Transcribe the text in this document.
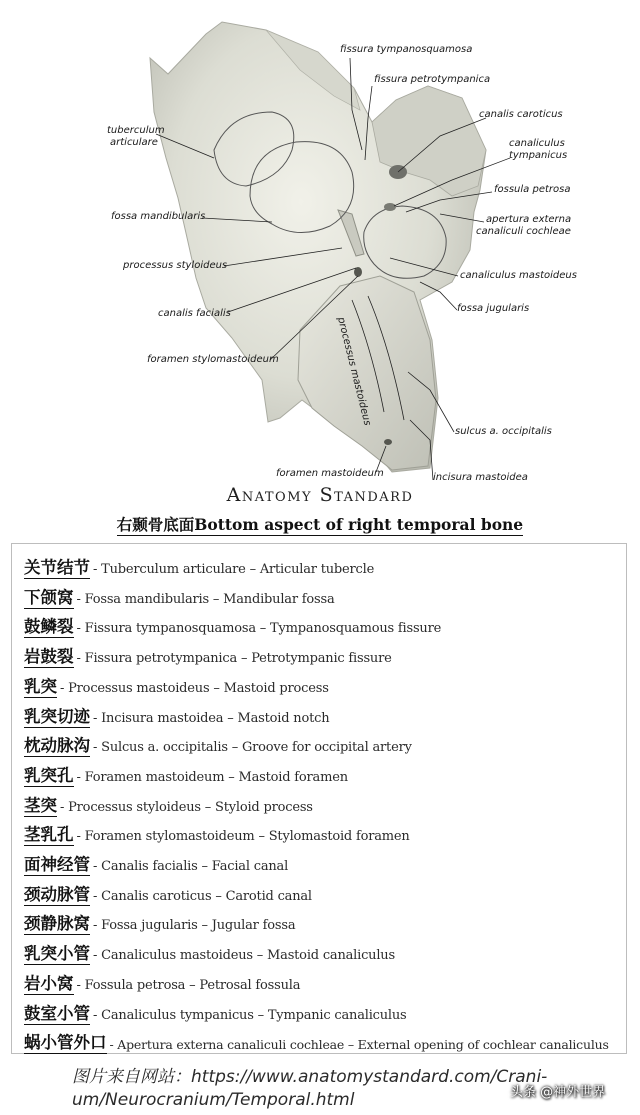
fissura tympanosquamosa
fissura petrotympanica
canalis caroticus
tuberculum
articulare	canaliculus
tympanicus
fossula petrosa
fossa mandibularis	apertura externa
canaliculi cochleae
processus styloideus
canaliculus mastoideus
fossa jugularis
canalis facialis
foramen stylomastoideum	processus mastoideus
sulcus a. occipitalis
foramen mastoideum	incisura mastoidea
Anatomy Standard
右颞骨底面Bottom aspect of right temporal bone
关节结节 - Tuberculum articulare – Articular tubercle
下颌窝 - Fossa mandibularis – Mandibular fossa
鼓鳞裂 - Fissura tympanosquamosa – Tympanosquamous fissure
岩鼓裂 - Fissura petrotympanica – Petrotympanic fissure
乳突 - Processus mastoideus – Mastoid process
乳突切迹 - Incisura mastoidea – Mastoid notch
枕动脉沟 - Sulcus a. occipitalis – Groove for occipital artery
乳突孔 - Foramen mastoideum – Mastoid foramen
茎突 - Processus styloideus – Styloid process
茎乳孔 - Foramen stylomastoideum – Stylomastoid foramen
面神经管 - Canalis facialis – Facial canal
颈动脉管 - Canalis caroticus – Carotid canal
颈静脉窝 - Fossa jugularis – Jugular fossa
乳突小管 - Canaliculus mastoideus – Mastoid canaliculus
岩小窝 - Fossula petrosa – Petrosal fossula
鼓室小管 - Canaliculus tympanicus – Tympanic canaliculus
蜗小管外口 - Apertura externa canaliculi cochleae – External opening of cochlear canaliculus
图片来自网站：https://www.anatomystandard.com/Crani-
um/Neurocranium/Temporal.html	头条 @神外世界
